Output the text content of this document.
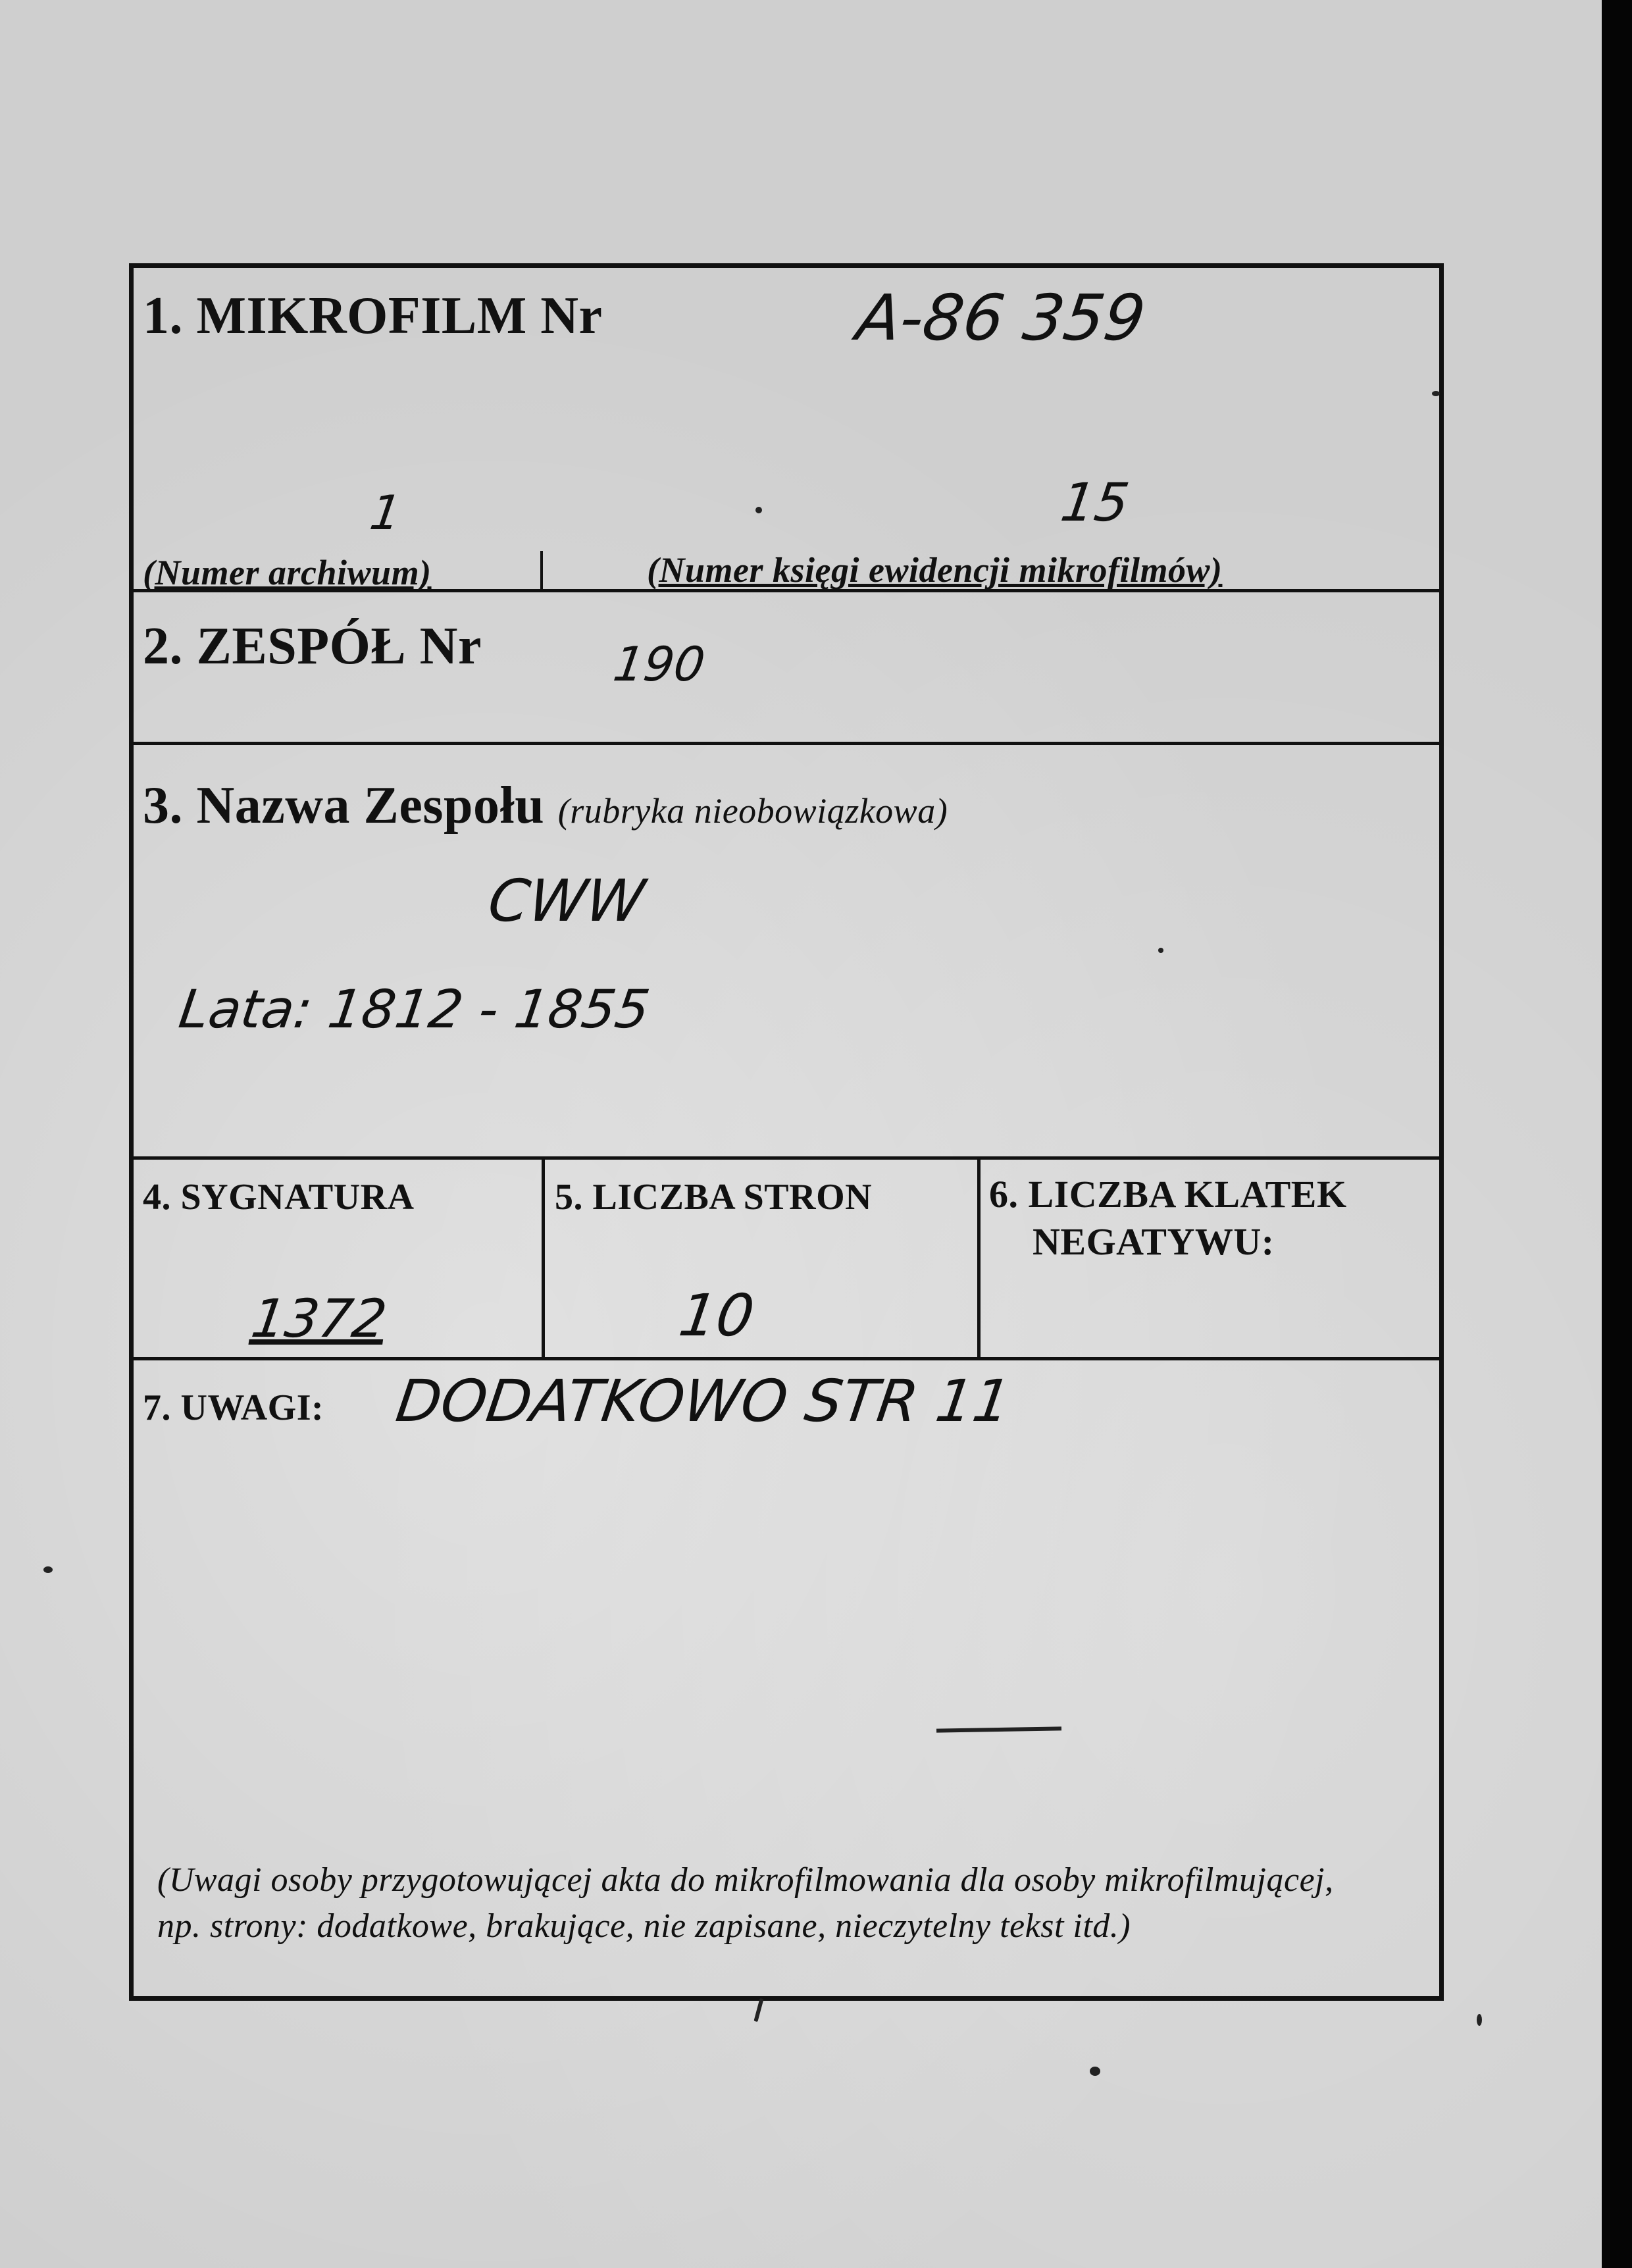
1. MIKROFILM Nr	A-86 359
1	15
(Numer archiwum)	(Numer księgi ewidencji mikrofilmów)
2. ZESPÓŁ Nr	190
3. Nazwa Zespołu (rubryka nieobowiązkowa)
CWW
Lata: 1812 - 1855
4. SYGNATURA
1372
5. LICZBA STRON
10
6. LICZBA KLATEK
NEGATYWU:
7. UWAGI: DODATKOWO STR 11
(Uwagi osoby przygotowującej akta do mikrofilmowania dla osoby mikrofilmującej,
np. strony: dodatkowe, brakujące, nie zapisane, nieczytelny tekst itd.)
